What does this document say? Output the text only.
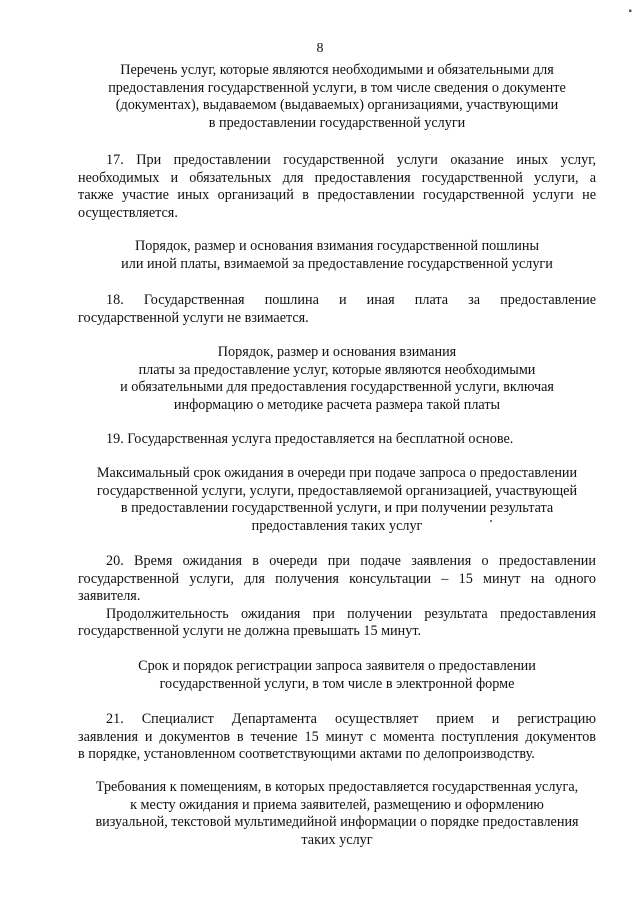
▪
8
Перечень услуг, которые являются необходимыми и обязательными для
предоставления государственной услуги, в том числе сведения о документе
(документах), выдаваемом (выдаваемых) организациями, участвующими
в предоставлении государственной услуги
17. При предоставлении государственной услуги оказание иных услуг,
необходимых и обязательных для предоставления государственной услуги, а
также участие иных организаций в предоставлении государственной услуги не
осуществляется.
Порядок, размер и основания взимания государственной пошлины
или иной платы, взимаемой за предоставление государственной услуги
18. Государственная пошлина и иная плата за предоставление
государственной услуги не взимается.
Порядок, размер и основания взимания
платы за предоставление услуг, которые являются необходимыми
и обязательными для предоставления государственной услуги, включая
информацию о методике расчета размера такой платы
19. Государственная услуга предоставляется на бесплатной основе.
Максимальный срок ожидания в очереди при подаче запроса о предоставлении
государственной услуги, услуги, предоставляемой организацией, участвующей
в предоставлении государственной услуги, и при получении результата
предоставления таких услуг
20. Время ожидания в очереди при подаче заявления о предоставлении
государственной услуги, для получения консультации – 15 минут на одного
заявителя.
Продолжительность ожидания при получении результата предоставления
государственной услуги не должна превышать 15 минут.
Срок и порядок регистрации запроса заявителя о предоставлении
государственной услуги, в том числе в электронной форме
21. Специалист Департамента осуществляет прием и регистрацию
заявления и документов в течение 15 минут с момента поступления документов
в порядке, установленном соответствующими актами по делопроизводству.
Требования к помещениям, в которых предоставляется государственная услуга,
к месту ожидания и приема заявителей, размещению и оформлению
визуальной, текстовой мультимедийной информации о порядке предоставления
таких услуг
